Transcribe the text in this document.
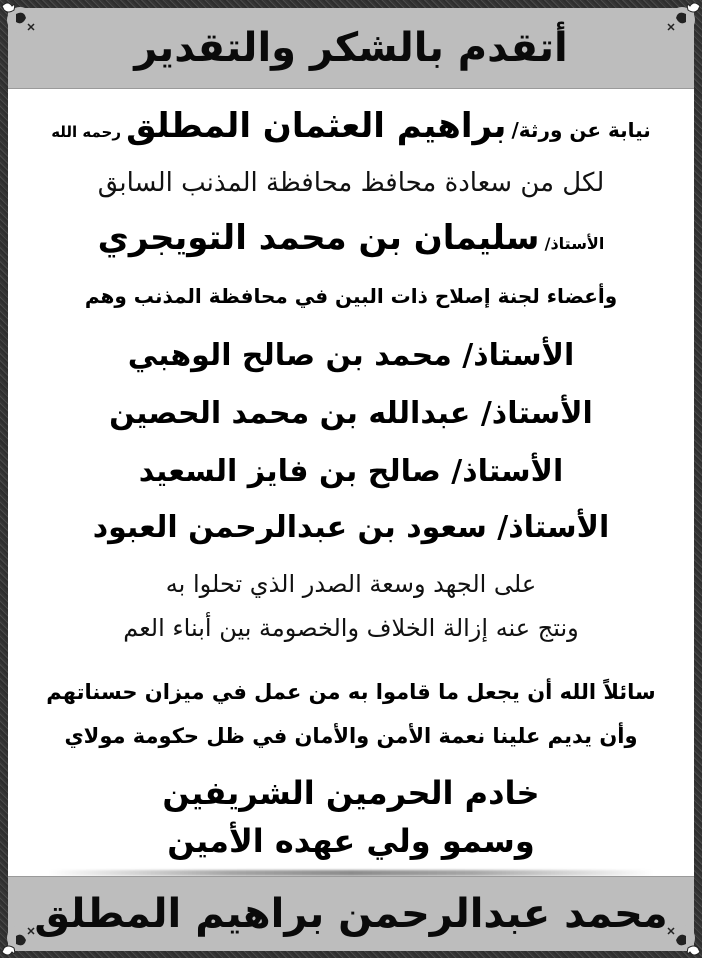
أتقدم بالشكر والتقدير
نيابة عن ورثة/ براهيم العثمان المطلق رحمه الله
لكل من سعادة محافظ محافظة المذنب السابق
الأستاذ/ سليمان بن محمد التويجري
وأعضاء لجنة إصلاح ذات البين في محافظة المذنب وهم
الأستاذ/ محمد بن صالح الوهبي
الأستاذ/ عبدالله بن محمد الحصين
الأستاذ/ صالح بن فايز السعيد
الأستاذ/ سعود بن عبدالرحمن العبود
على الجهد وسعة الصدر الذي تحلوا به
ونتج عنه إزالة الخلاف والخصومة بين أبناء العم
سائلاً الله أن يجعل ما قاموا به من عمل في ميزان حسناتهم
وأن يديم علينا نعمة الأمن والأمان في ظل حكومة مولاي
خادم الحرمين الشريفين
وسمو ولي عهده الأمين
محمد عبدالرحمن براهيم المطلق
